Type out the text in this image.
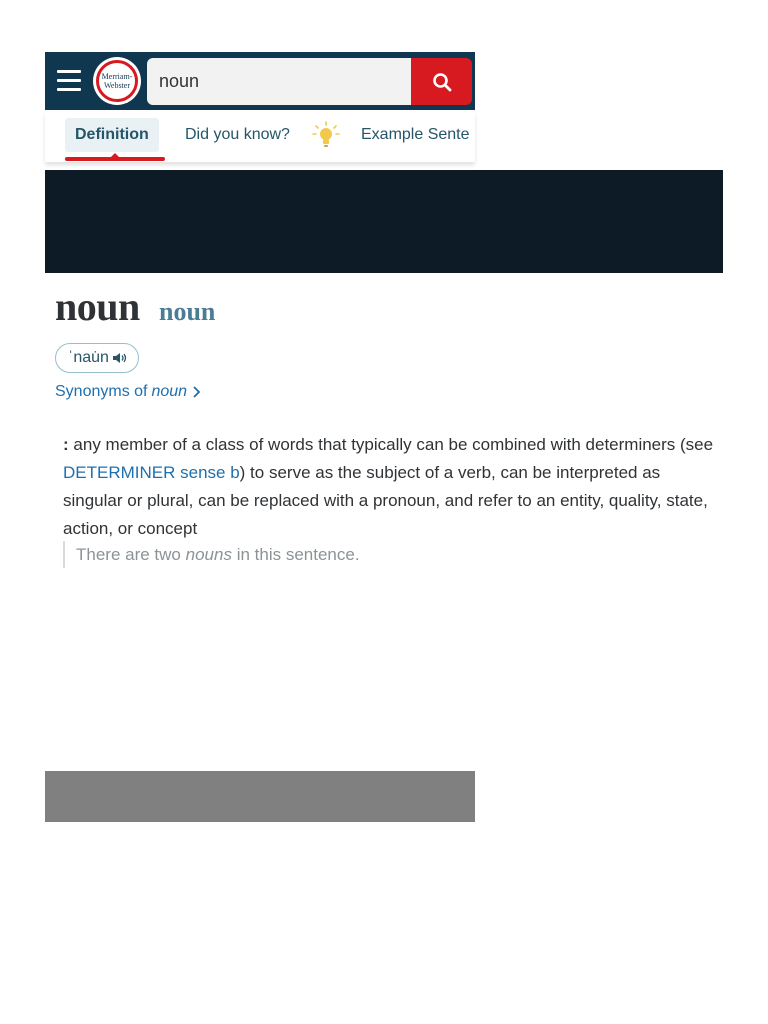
Merriam-
Webster
noun
Definition Did you know?	Example Sente
noun noun
ˈnau̇n
Synonyms of noun
: any member of a class of words that typically can be combined with determiners (see DETERMINER sense b) to serve as the subject of a verb, can be interpreted as singular or plural, can be replaced with a pronoun, and refer to an entity, quality, state, action, or concept
There are two nouns in this sentence.
